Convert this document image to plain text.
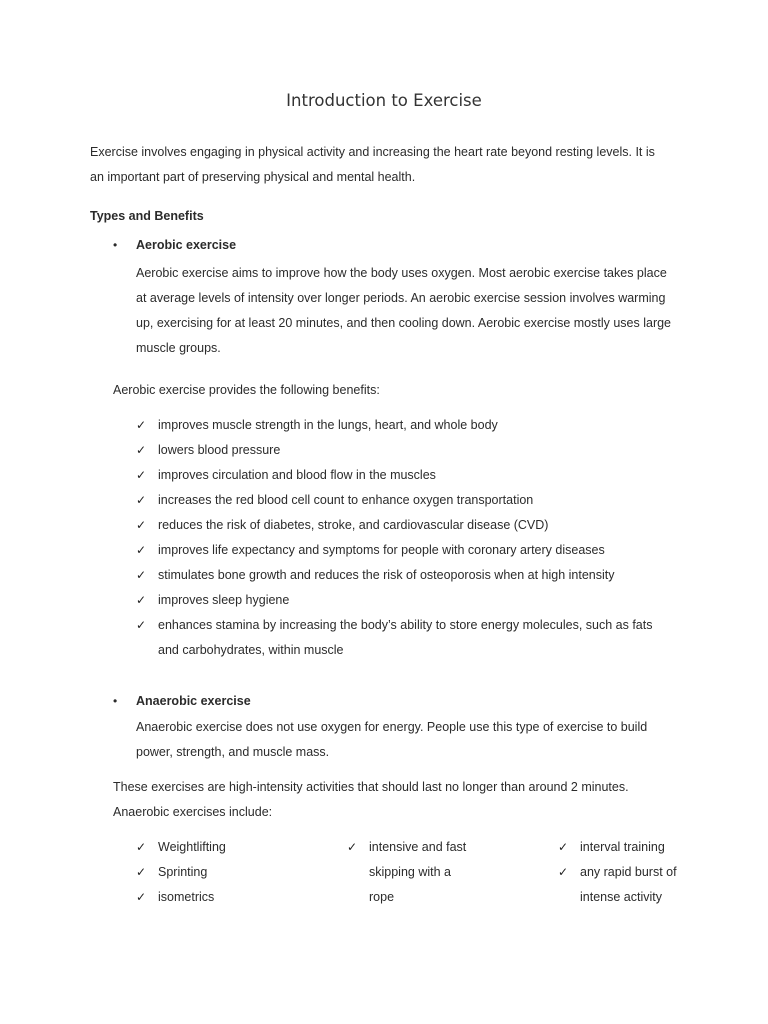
Introduction to Exercise

Exercise involves engaging in physical activity and increasing the heart rate beyond resting levels. It is an important part of preserving physical and mental health.

Types and Benefits
• Aerobic exercise

Aerobic exercise aims to improve how the body uses oxygen. Most aerobic exercise takes place at average levels of intensity over longer periods. An aerobic exercise session involves warming up, exercising for at least 20 minutes, and then cooling down. Aerobic exercise mostly uses large muscle groups.

Aerobic exercise provides the following benefits:

✓ improves muscle strength in the lungs, heart, and whole body
✓ lowers blood pressure
✓ improves circulation and blood flow in the muscles
✓ increases the red blood cell count to enhance oxygen transportation
✓ reduces the risk of diabetes, stroke, and cardiovascular disease (CVD)
✓ improves life expectancy and symptoms for people with coronary artery diseases
✓ stimulates bone growth and reduces the risk of osteoporosis when at high intensity
✓ improves sleep hygiene
✓ enhances stamina by increasing the body’s ability to store energy molecules, such as fats and carbohydrates, within muscle
• Anaerobic exercise

Anaerobic exercise does not use oxygen for energy. People use this type of exercise to build power, strength, and muscle mass.

These exercises are high-intensity activities that should last no longer than around 2 minutes. Anaerobic exercises include:

✓ Weightlifting
✓ Sprinting
✓ isometrics
✓ intensive and fast skipping with a rope
✓ interval training
✓ any rapid burst of intense activity
